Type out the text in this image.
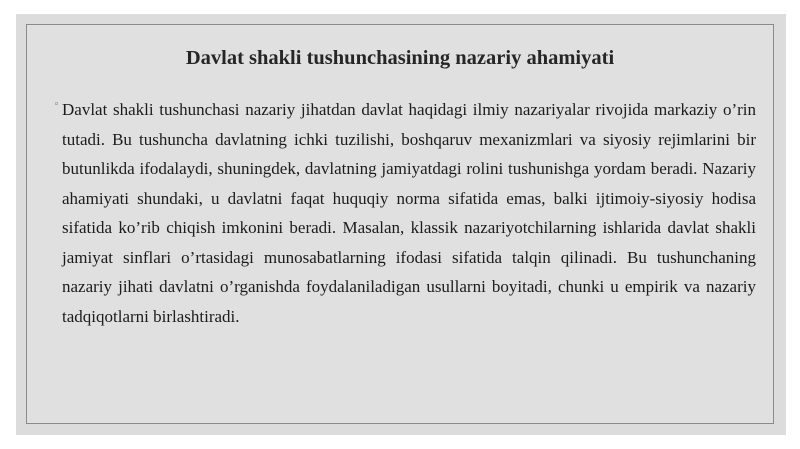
Davlat shakli tushunchasining nazariy ahamiyati
◦ Davlat shakli tushunchasi nazariy jihatdan davlat haqidagi ilmiy nazariyalar rivojida markaziy o’rin tutadi. Bu tushuncha davlatning ichki tuzilishi, boshqaruv mexanizmlari va siyosiy rejimlarini bir butunlikda ifodalaydi, shuningdek, davlatning jamiyatdagi rolini tushunishga yordam beradi. Nazariy ahamiyati shundaki, u davlatni faqat huquqiy norma sifatida emas, balki ijtimoiy-siyosiy hodisa sifatida ko’rib chiqish imkonini beradi. Masalan, klassik nazariyotchilarning ishlarida davlat shakli jamiyat sinflari o’rtasidagi munosabatlarning ifodasi sifatida talqin qilinadi. Bu tushunchaning nazariy jihati davlatni o’rganishda foydalaniladigan usullarni boyitadi, chunki u empirik va nazariy tadqiqotlarni birlashtiradi.
